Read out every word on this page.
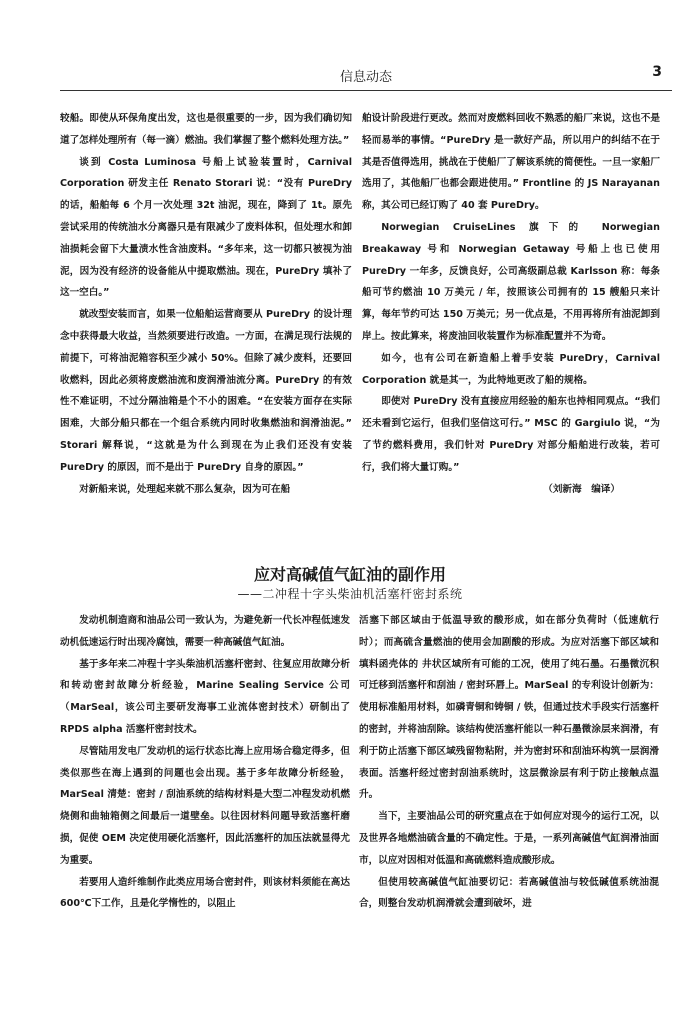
信息动态	3

较船。即使从环保角度出发，这也是很重要的一步，因为我们确切知道了怎样处理所有（每一滴）燃油。我们掌握了整个燃料处理方法。”

谈到 Costa Luminosa 号船上试验装置时，Carnival Corporation 研发主任 Renato Storari 说：“没有 PureDry 的话，船舶每 6 个月一次处理 32t 油泥，现在，降到了 1t。原先尝试采用的传统油水分离器只是有限减少了废料体积，但处理水和卸油损耗会留下大量渍水性含油废料。“多年来，这一切都只被视为油泥，因为没有经济的设备能从中提取燃油。现在，PureDry 填补了这一空白。”

就改型安装而言，如果一位船舶运营商要从 PureDry 的设计理念中获得最大收益，当然须要进行改造。一方面，在满足现行法规的前提下，可将油泥箱容积至少减小 50%。但除了减少废料，还要回收燃料，因此必须将废燃油流和废润滑油流分离。PureDry 的有效性不难证明，不过分隔油箱是个不小的困难。“在安装方面存在实际困难，大部分船只都在一个组合系统内同时收集燃油和润滑油泥。” Storari 解释说，“这就是为什么到现在为止我们还没有安装 PureDry 的原因，而不是出于 PureDry 自身的原因。”

对新船来说，处理起来就不那么复杂，因为可在船

舶设计阶段进行更改。然而对废燃料回收不熟悉的船厂来说，这也不是轻而易举的事情。“PureDry 是一款好产品，所以用户的纠结不在于其是否值得选用，挑战在于使船厂了解该系统的简便性。一旦一家船厂选用了，其他船厂也都会跟进使用。” Frontline 的 JS Narayanan 称，其公司已经订购了 40 套 PureDry。

Norwegian CruiseLines 旗下的 Norwegian Breakaway 号和 Norwegian Getaway 号船上也已使用 PureDry 一年多，反馈良好，公司高级副总裁 Karlsson 称：每条船可节约燃油 10 万美元 / 年，按照该公司拥有的 15 艘船只来计算，每年节约可达 150 万美元；另一优点是，不用再将所有油泥卸到岸上。按此算来，将废油回收装置作为标准配置并不为奇。

如今，也有公司在新造船上着手安装 PureDry，Carnival Corporation 就是其一，为此特地更改了船的规格。

即使对 PureDry 没有直接应用经验的船东也持相同观点。“我们还未看到它运行，但我们坚信这可行。” MSC 的 Gargiulo 说，“为了节约燃料费用，我们针对 PureDry 对部分船舶进行改装，若可行，我们将大量订购。”

（刘新海　编译）

应对高碱值气缸油的副作用
——二冲程十字头柴油机活塞杆密封系统

发动机制造商和油品公司一致认为，为避免新一代长冲程低速发动机低速运行时出现冷腐蚀，需要一种高碱值气缸油。

基于多年来二冲程十字头柴油机活塞杆密封、往复应用故障分析和转动密封故障分析经验，Marine Sealing Service 公司（MarSeal，该公司主要研发海事工业流体密封技术）研制出了 RPDS alpha 活塞杆密封技术。

尽管陆用发电厂发动机的运行状态比海上应用场合稳定得多，但类似那些在海上遇到的问题也会出现。基于多年故障分析经验，MarSeal 清楚：密封 / 刮油系统的结构材料是大型二冲程发动机燃烧侧和曲轴箱侧之间最后一道壁垒。以往因材料问题导致活塞杆磨损，促使 OEM 决定使用硬化活塞杆，因此活塞杆的加压法就显得尤为重要。

若要用人造纤维制作此类应用场合密封件，则该材料须能在高达 600℃下工作，且是化学惰性的，以阻止

活塞下部区域由于低温导致的酸形成，如在部分负荷时（低速航行时）；而高硫含量燃油的使用会加剧酸的形成。为应对活塞下部区域和填料函壳体的 井状区域所有可能的工况，使用了纯石墨。石墨微沉积可迁移到活塞杆和刮油 / 密封环唇上。MarSeal 的专利设计创新为：使用标准船用材料，如磷青铜和铸铜 / 铁，但通过技术手段实行活塞杆的密封，并将油刮除。该结构使活塞杆能以一种石墨微涂层来润滑，有利于防止活塞下部区域残留物粘附，并为密封环和刮油环构筑一层润滑表面。活塞杆经过密封刮油系统时，这层微涂层有利于防止接触点温升。

当下，主要油品公司的研究重点在于如何应对现今的运行工况，以及世界各地燃油硫含量的不确定性。于是，一系列高碱值气缸润滑油面市，以应对因相对低温和高硫燃料造成酸形成。

但使用较高碱值气缸油要切记：若高碱值油与较低碱值系统油混合，则整台发动机润滑就会遭到破坏，进
